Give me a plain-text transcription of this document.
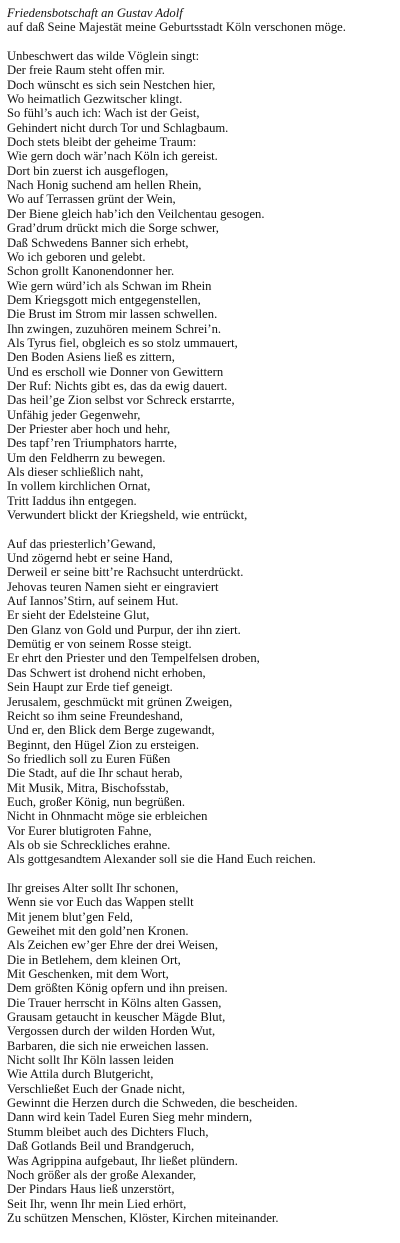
Friedensbotschaft an Gustav Adolf
auf daß Seine Majestät meine Geburtsstadt Köln verschonen möge.
Unbeschwert das wilde Vöglein singt:
Der freie Raum steht offen mir.
Doch wünscht es sich sein Nestchen hier,
Wo heimatlich Gezwitscher klingt.
So fühl’s auch ich: Wach ist der Geist,
Gehindert nicht durch Tor und Schlagbaum.
Doch stets bleibt der geheime Traum:
Wie gern doch wär’nach Köln ich gereist.
Dort bin zuerst ich ausgeflogen,
Nach Honig suchend am hellen Rhein,
Wo auf Terrassen grünt der Wein,
Der Biene gleich hab’ich den Veilchentau gesogen.
Grad’drum drückt mich die Sorge schwer,
Daß Schwedens Banner sich erhebt,
Wo ich geboren und gelebt.
Schon grollt Kanonendonner her.
Wie gern würd’ich als Schwan im Rhein
Dem Kriegsgott mich entgegenstellen,
Die Brust im Strom mir lassen schwellen.
Ihn zwingen, zuzuhören meinem Schrei’n.
Als Tyrus fiel, obgleich es so stolz ummauert,
Den Boden Asiens ließ es zittern,
Und es erscholl wie Donner von Gewittern
Der Ruf: Nichts gibt es, das da ewig dauert.
Das heil’ge Zion selbst vor Schreck erstarrte,
Unfähig jeder Gegenwehr,
Der Priester aber hoch und hehr,
Des tapf’ren Triumphators harrte,
Um den Feldherrn zu bewegen.
Als dieser schließlich naht,
In vollem kirchlichen Ornat,
Tritt Iaddus ihn entgegen.
Verwundert blickt der Kriegsheld, wie entrückt,
Auf das priesterlich’Gewand,
Und zögernd hebt er seine Hand,
Derweil er seine bitt’re Rachsucht unterdrückt.
Jehovas teuren Namen sieht er eingraviert
Auf Iannos’Stirn, auf seinem Hut.
Er sieht der Edelsteine Glut,
Den Glanz von Gold und Purpur, der ihn ziert.
Demütig er von seinem Rosse steigt.
Er ehrt den Priester und den Tempelfelsen droben,
Das Schwert ist drohend nicht erhoben,
Sein Haupt zur Erde tief geneigt.
Jerusalem, geschmückt mit grünen Zweigen,
Reicht so ihm seine Freundeshand,
Und er, den Blick dem Berge zugewandt,
Beginnt, den Hügel Zion zu ersteigen.
So friedlich soll zu Euren Füßen
Die Stadt, auf die Ihr schaut herab,
Mit Musik, Mitra, Bischofsstab,
Euch, großer König, nun begrüßen.
Nicht in Ohnmacht möge sie erbleichen
Vor Eurer blutigroten Fahne,
Als ob sie Schreckliches erahne.
Als gottgesandtem Alexander soll sie die Hand Euch reichen.
Ihr greises Alter sollt Ihr schonen,
Wenn sie vor Euch das Wappen stellt
Mit jenem blut’gen Feld,
Geweihet mit den gold’nen Kronen.
Als Zeichen ew’ger Ehre der drei Weisen,
Die in Betlehem, dem kleinen Ort,
Mit Geschenken, mit dem Wort,
Dem größten König opfern und ihn preisen.
Die Trauer herrscht in Kölns alten Gassen,
Grausam getaucht in keuscher Mägde Blut,
Vergossen durch der wilden Horden Wut,
Barbaren, die sich nie erweichen lassen.
Nicht sollt Ihr Köln lassen leiden
Wie Attila durch Blutgericht,
Verschließet Euch der Gnade nicht,
Gewinnt die Herzen durch die Schweden, die bescheiden.
Dann wird kein Tadel Euren Sieg mehr mindern,
Stumm bleibet auch des Dichters Fluch,
Daß Gotlands Beil und Brandgeruch,
Was Agrippina aufgebaut, Ihr ließet plündern.
Noch größer als der große Alexander,
Der Pindars Haus ließ unzerstört,
Seit Ihr, wenn Ihr mein Lied erhört,
Zu schützen Menschen, Klöster, Kirchen miteinander.
